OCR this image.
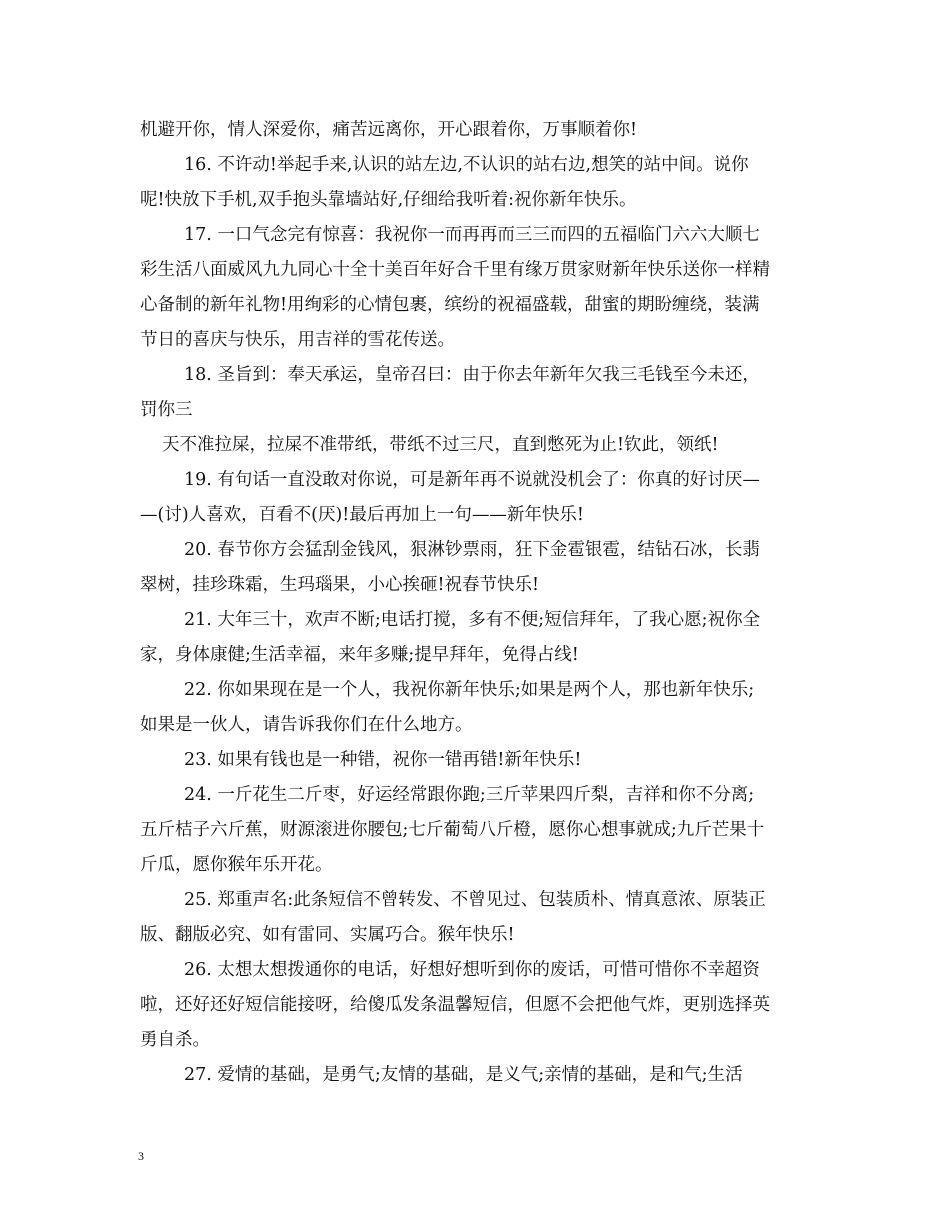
机避开你，情人深爱你，痛苦远离你，开心跟着你，万事顺着你!
16. 不许动!举起手来,认识的站左边,不认识的站右边,想笑的站中间。说你
呢!快放下手机,双手抱头靠墙站好,仔细给我听着:祝你新年快乐。
17. 一口气念完有惊喜：我祝你一而再再而三三而四的五福临门六六大顺七
彩生活八面威风九九同心十全十美百年好合千里有缘万贯家财新年快乐送你一样精
心备制的新年礼物!用绚彩的心情包裹，缤纷的祝福盛载，甜蜜的期盼缠绕，装满
节日的喜庆与快乐，用吉祥的雪花传送。
18. 圣旨到：奉天承运，皇帝召曰：由于你去年新年欠我三毛钱至今未还，
罚你三
天不准拉屎，拉屎不准带纸，带纸不过三尺，直到憋死为止!钦此，领纸!
19. 有句话一直没敢对你说，可是新年再不说就没机会了：你真的好讨厌—
—(讨)人喜欢，百看不(厌)!最后再加上一句——新年快乐!
20. 春节你方会猛刮金钱风，狠淋钞票雨，狂下金雹银雹，结钻石冰，长翡
翠树，挂珍珠霜，生玛瑙果，小心挨砸!祝春节快乐!
21. 大年三十，欢声不断;电话打搅，多有不便;短信拜年，了我心愿;祝你全
家，身体康健;生活幸福，来年多赚;提早拜年，免得占线!
22. 你如果现在是一个人，我祝你新年快乐;如果是两个人，那也新年快乐;
如果是一伙人，请告诉我你们在什么地方。
23. 如果有钱也是一种错，祝你一错再错!新年快乐!
24. 一斤花生二斤枣，好运经常跟你跑;三斤苹果四斤梨，吉祥和你不分离;
五斤桔子六斤蕉，财源滚进你腰包;七斤葡萄八斤橙，愿你心想事就成;九斤芒果十
斤瓜，愿你猴年乐开花。
25. 郑重声名:此条短信不曾转发、不曾见过、包装质朴、情真意浓、原装正
版、翻版必究、如有雷同、实属巧合。猴年快乐!
26. 太想太想拨通你的电话，好想好想听到你的废话，可惜可惜你不幸超资
啦，还好还好短信能接呀，给傻瓜发条温馨短信，但愿不会把他气炸，更别选择英
勇自杀。
27. 爱情的基础，是勇气;友情的基础，是义气;亲情的基础，是和气;生活
3
